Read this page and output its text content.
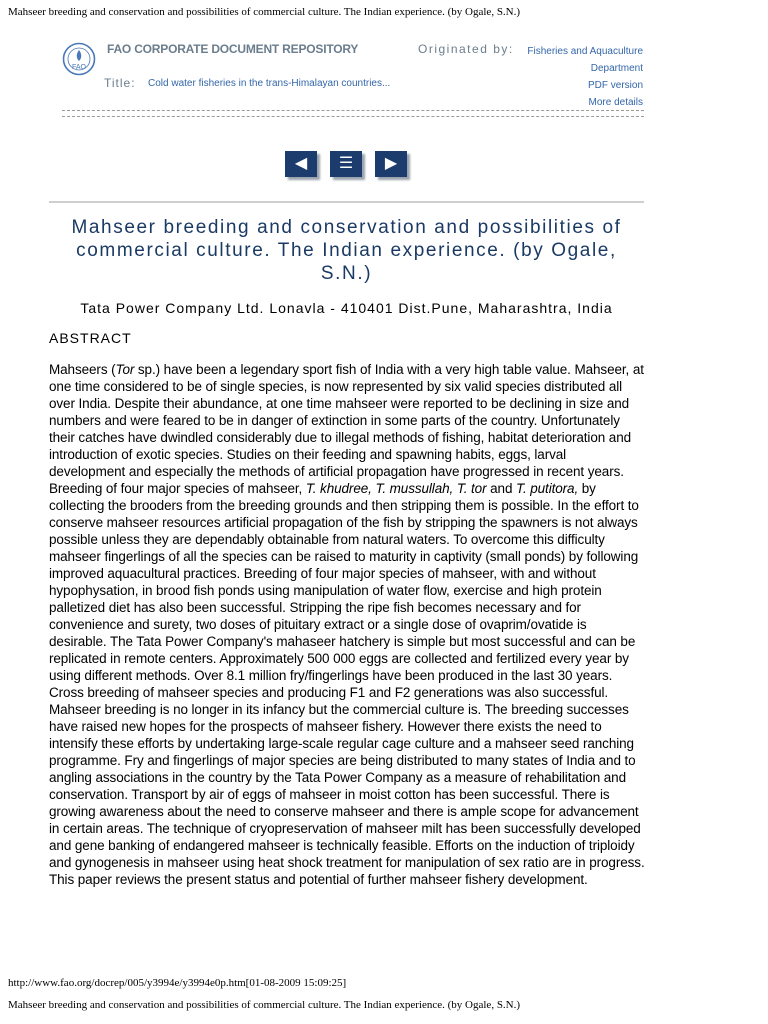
Mahseer breeding and conservation and possibilities of commercial culture. The Indian experience. (by Ogale, S.N.)
FAO
FAO CORPORATE DOCUMENT REPOSITORY
Title: Cold water fisheries in the trans-Himalayan countries...
Originated by:	Fisheries and Aquaculture
Department
PDF version
More details
◀	☰	▶
Mahseer breeding and conservation and possibilities of commercial culture. The Indian experience. (by Ogale, S.N.)
Tata Power Company Ltd. Lonavla - 410401 Dist.Pune, Maharashtra, India
ABSTRACT

Mahseers (Tor sp.) have been a legendary sport fish of India with a very high table value. Mahseer, at one time considered to be of single species, is now represented by six valid species distributed all over India. Despite their abundance, at one time mahseer were reported to be declining in size and numbers and were feared to be in danger of extinction in some parts of the country. Unfortunately their catches have dwindled considerably due to illegal methods of fishing, habitat deterioration and introduction of exotic species. Studies on their feeding and spawning habits, eggs, larval development and especially the methods of artificial propagation have progressed in recent years. Breeding of four major species of mahseer, T. khudree, T. mussullah, T. tor and T. putitora, by collecting the brooders from the breeding grounds and then stripping them is possible. In the effort to conserve mahseer resources artificial propagation of the fish by stripping the spawners is not always possible unless they are dependably obtainable from natural waters. To overcome this difficulty mahseer fingerlings of all the species can be raised to maturity in captivity (small ponds) by following improved aquacultural practices. Breeding of four major species of mahseer, with and without hypophysation, in brood fish ponds using manipulation of water flow, exercise and high protein palletized diet has also been successful. Stripping the ripe fish becomes necessary and for convenience and surety, two doses of pituitary extract or a single dose of ovaprim/ovatide is desirable. The Tata Power Company's mahaseer hatchery is simple but most successful and can be replicated in remote centers. Approximately 500 000 eggs are collected and fertilized every year by using different methods. Over 8.1 million fry/fingerlings have been produced in the last 30 years. Cross breeding of mahseer species and producing F1 and F2 generations was also successful. Mahseer breeding is no longer in its infancy but the commercial culture is. The breeding successes have raised new hopes for the prospects of mahseer fishery. However there exists the need to intensify these efforts by undertaking large-scale regular cage culture and a mahseer seed ranching programme. Fry and fingerlings of major species are being distributed to many states of India and to angling associations in the country by the Tata Power Company as a measure of rehabilitation and conservation. Transport by air of eggs of mahseer in moist cotton has been successful. There is growing awareness about the need to conserve mahseer and there is ample scope for advancement in certain areas. The technique of cryopreservation of mahseer milt has been successfully developed and gene banking of endangered mahseer is technically feasible. Efforts on the induction of triploidy and gynogenesis in mahseer using heat shock treatment for manipulation of sex ratio are in progress. This paper reviews the present status and potential of further mahseer fishery development.

http://www.fao.org/docrep/005/y3994e/y3994e0p.htm[01-08-2009 15:09:25]
Mahseer breeding and conservation and possibilities of commercial culture. The Indian experience. (by Ogale, S.N.)
